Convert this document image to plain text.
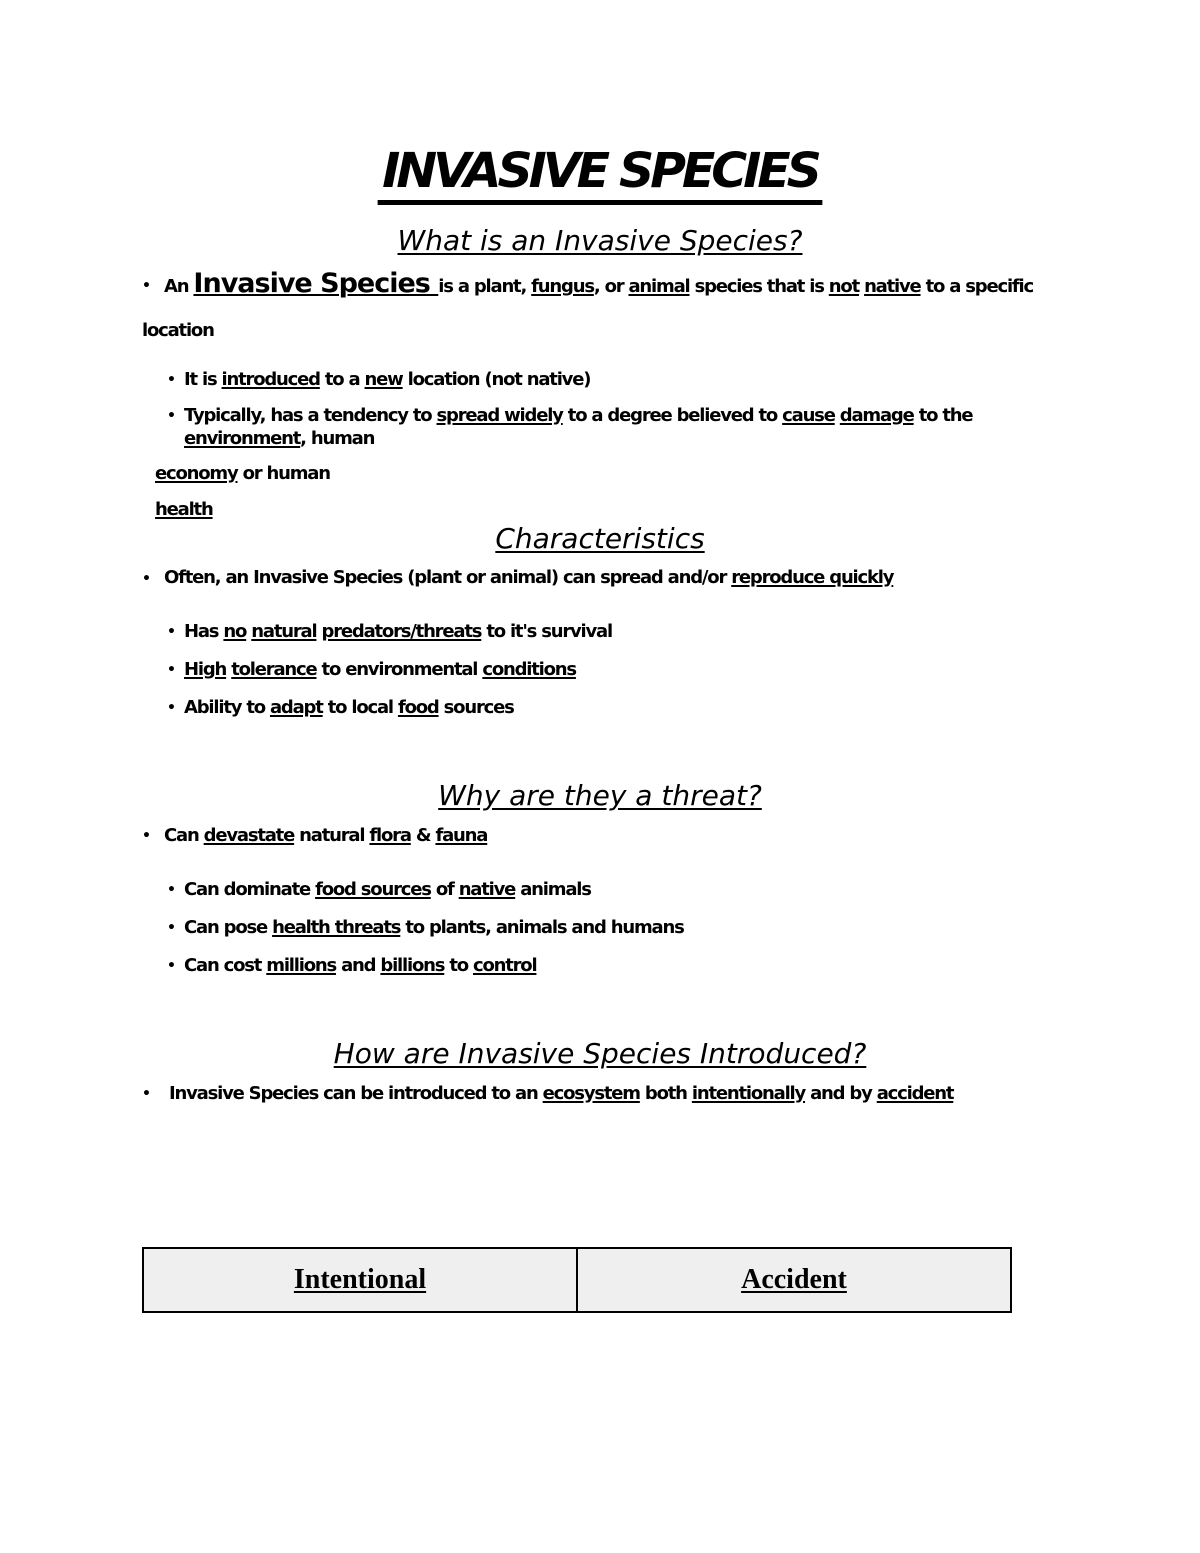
INVASIVE SPECIES
What is an Invasive Species?
• An Invasive Species is a plant, fungus, or animal species that is not native to a specific
location
• It is introduced to a new location (not native)
• Typically, has a tendency to spread widely to a degree believed to cause damage to the
environment, human
economy or human
health
Characteristics
• Often, an Invasive Species (plant or animal) can spread and/or reproduce quickly
• Has no natural predators/threats to it's survival
• High tolerance to environmental conditions
• Ability to adapt to local food sources
Why are they a threat?
• Can devastate natural flora & fauna
• Can dominate food sources of native animals
• Can pose health threats to plants, animals and humans
• Can cost millions and billions to control
How are Invasive Species Introduced?
• Invasive Species can be introduced to an ecosystem both intentionally and by accident
Intentional	Accident
